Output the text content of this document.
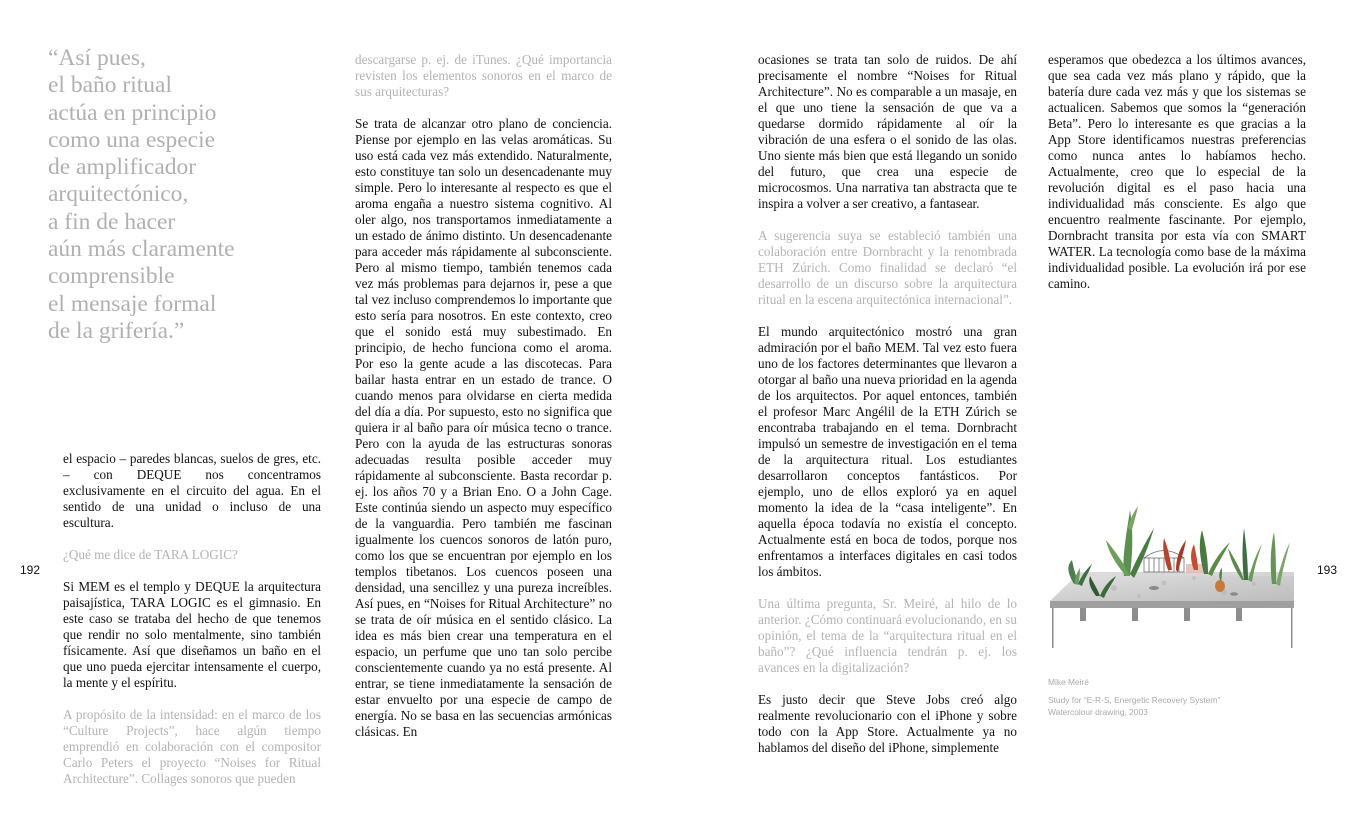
“Así pues,
el baño ritual
actúa en principio
como una especie
de amplificador
arquitectónico,
a fin de hacer
aún más claramente
comprensible
el mensaje formal
de la grifería.”

el espacio – paredes blancas, suelos de gres, etc. – con DEQUE nos concentramos exclusivamente en el circuito del agua. En el sentido de una unidad o incluso de una escultura.

¿Qué me dice de TARA LOGIC?

Si MEM es el templo y DEQUE la arquitectura paisajística, TARA LOGIC es el gimnasio. En este caso se trataba del hecho de que tenemos que rendir no solo mentalmente, sino también físicamente. Así que diseñamos un baño en el que uno pueda ejercitar intensamente el cuerpo, la mente y el espíritu.

A propósito de la intensidad: en el marco de los “Culture Projects”, hace algún tiempo emprendió en colaboración con el compositor Carlo Peters el proyecto “Noises for Ritual Architecture”. Collages sonoros que pueden

descargarse p. ej. de iTunes. ¿Qué importancia revisten los elementos sonoros en el marco de sus arquitecturas?

Se trata de alcanzar otro plano de conciencia. Piense por ejemplo en las velas aromáticas. Su uso está cada vez más extendido. Naturalmente, esto constituye tan solo un desencadenante muy simple. Pero lo interesante al respecto es que el aroma engaña a nuestro sistema cognitivo. Al oler algo, nos transportamos inmediatamente a un estado de ánimo distinto. Un desencadenante para acceder más rápidamente al subconsciente. Pero al mismo tiempo, también tenemos cada vez más problemas para dejarnos ir, pese a que tal vez incluso comprendemos lo importante que esto sería para nosotros. En este contexto, creo que el sonido está muy subestimado. En principio, de hecho funciona como el aroma. Por eso la gente acude a las discotecas. Para bailar hasta entrar en un estado de trance. O cuando menos para olvidarse en cierta medida del día a día. Por supuesto, esto no significa que quiera ir al baño para oír música tecno o trance. Pero con la ayuda de las estructuras sonoras adecuadas resulta posible acceder muy rápidamente al subconsciente. Basta recordar p. ej. los años 70 y a Brian Eno. O a John Cage. Este continúa siendo un aspecto muy específico de la vanguardia. Pero también me fascinan igualmente los cuencos sonoros de latón puro, como los que se encuentran por ejemplo en los templos tibetanos. Los cuencos poseen una densidad, una sencillez y una pureza increíbles. Así pues, en “Noises for Ritual Architecture” no se trata de oír música en el sentido clásico. La idea es más bien crear una temperatura en el espacio, un perfume que uno tan solo percibe conscientemente cuando ya no está presente. Al entrar, se tiene inmediatamente la sensación de estar envuelto por una especie de campo de energía. No se basa en las secuencias armónicas clásicas. En

ocasiones se trata tan solo de ruidos. De ahí precisamente el nombre “Noises for Ritual Architecture”. No es comparable a un masaje, en el que uno tiene la sensación de que va a quedarse dormido rápidamente al oír la vibración de una esfera o el sonido de las olas. Uno siente más bien que está llegando un sonido del futuro, que crea una especie de microcosmos. Una narrativa tan abstracta que te inspira a volver a ser creativo, a fantasear.

A sugerencia suya se estableció también una colaboración entre Dornbracht y la renombrada ETH Zúrich. Como finalidad se declaró “el desarrollo de un discurso sobre la arquitectura ritual en la escena arquitectónica internacional”.

El mundo arquitectónico mostró una gran admiración por el baño MEM. Tal vez esto fuera uno de los factores determinantes que llevaron a otorgar al baño una nueva prioridad en la agenda de los arquitectos. Por aquel entonces, también el profesor Marc Angélil de la ETH Zúrich se encontraba trabajando en el tema. Dornbracht impulsó un semestre de investigación en el tema de la arquitectura ritual. Los estudiantes desarrollaron conceptos fantásticos. Por ejemplo, uno de ellos exploró ya en aquel momento la idea de la “casa inteligente”. En aquella época todavía no existía el concepto. Actualmente está en boca de todos, porque nos enfrentamos a interfaces digitales en casi todos los ámbitos.

Una última pregunta, Sr. Meiré, al hilo de lo anterior. ¿Cómo continuará evolucionando, en su opinión, el tema de la “arquitectura ritual en el baño”? ¿Qué influencia tendrán p. ej. los avances en la digitalización?

Es justo decir que Steve Jobs creó algo realmente revolucionario con el iPhone y sobre todo con la App Store. Actualmente ya no hablamos del diseño del iPhone, simplemente

esperamos que obedezca a los últimos avances, que sea cada vez más plano y rápido, que la batería dure cada vez más y que los sistemas se actualicen. Sabemos que somos la “generación Beta”. Pero lo interesante es que gracias a la App Store identificamos nuestras preferencias como nunca antes lo habíamos hecho. Actualmente, creo que lo especial de la revolución digital es el paso hacia una individualidad más consciente. Es algo que encuentro realmente fascinante. Por ejemplo, Dornbracht transita por esta vía con SMART WATER. La tecnología como base de la máxima individualidad posible. La evolución irá por ese camino.

192	193
Mike Meiré
Study for “E-R-S, Energetic Recovery System”
Watercolour drawing, 2003
